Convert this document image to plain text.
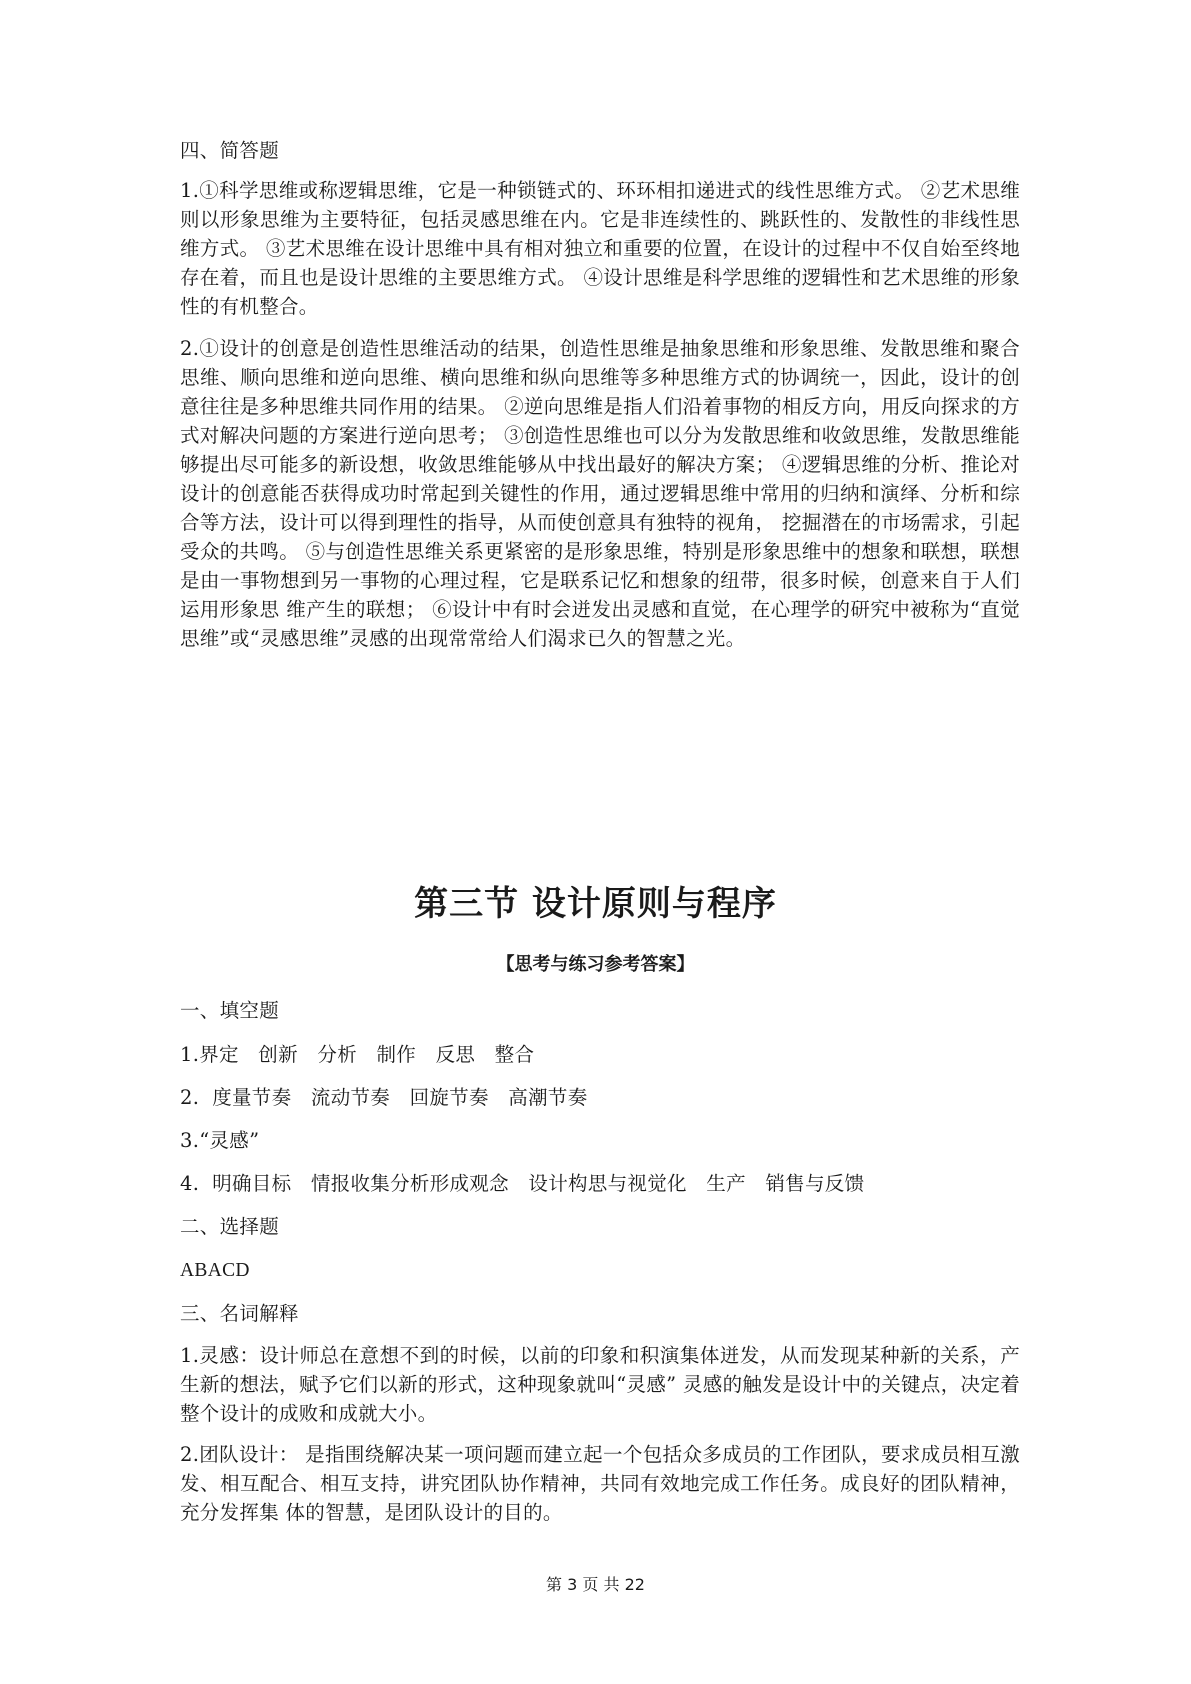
四、简答题

1.①科学思维或称逻辑思维，它是一种锁链式的、环环相扣递进式的线性思维方式。 ②艺术思维则以形象思维为主要特征，包括灵感思维在内。它是非连续性的、跳跃性的、发散性的非线性思维方式。 ③艺术思维在设计思维中具有相对独立和重要的位置，在设计的过程中不仅自始至终地存在着，而且也是设计思维的主要思维方式。 ④设计思维是科学思维的逻辑性和艺术思维的形象性的有机整合。

2.①设计的创意是创造性思维活动的结果，创造性思维是抽象思维和形象思维、发散思维和聚合思维、顺向思维和逆向思维、横向思维和纵向思维等多种思维方式的协调统一，因此，设计的创意往往是多种思维共同作用的结果。 ②逆向思维是指人们沿着事物的相反方向，用反向探求的方式对解决问题的方案进行逆向思考； ③创造性思维也可以分为发散思维和收敛思维，发散思维能够提出尽可能多的新设想，收敛思维能够从中找出最好的解决方案； ④逻辑思维的分析、推论对设计的创意能否获得成功时常起到关键性的作用，通过逻辑思维中常用的归纳和演绎、分析和综合等方法，设计可以得到理性的指导，从而使创意具有独特的视角， 挖掘潜在的市场需求，引起受众的共鸣。 ⑤与创造性思维关系更紧密的是形象思维，特别是形象思维中的想象和联想，联想是由一事物想到另一事物的心理过程，它是联系记忆和想象的纽带，很多时候，创意来自于人们运用形象思 维产生的联想； ⑥设计中有时会迸发出灵感和直觉，在心理学的研究中被称为“直觉思维”或“灵感思维”灵感的出现常常给人们渴求已久的智慧之光。

第三节 设计原则与程序

【思考与练习参考答案】

一、填空题

1.界定   创新   分析   制作   反思   整合

2.  度量节奏   流动节奏   回旋节奏   高潮节奏

3.“灵感”

4.  明确目标   情报收集分析形成观念   设计构思与视觉化   生产   销售与反馈

二、选择题

ABACD

三、名词解释

1.灵感：设计师总在意想不到的时候，以前的印象和积演集体迸发，从而发现某种新的关系，产生新的想法，赋予它们以新的形式，这种现象就叫“灵感” 灵感的触发是设计中的关键点，决定着整个设计的成败和成就大小。

2.团队设计： 是指围绕解决某一项问题而建立起一个包括众多成员的工作团队，要求成员相互激发、相互配合、相互支持，讲究团队协作精神，共同有效地完成工作任务。成良好的团队精神，充分发挥集 体的智慧，是团队设计的目的。

第 3 页 共 22
